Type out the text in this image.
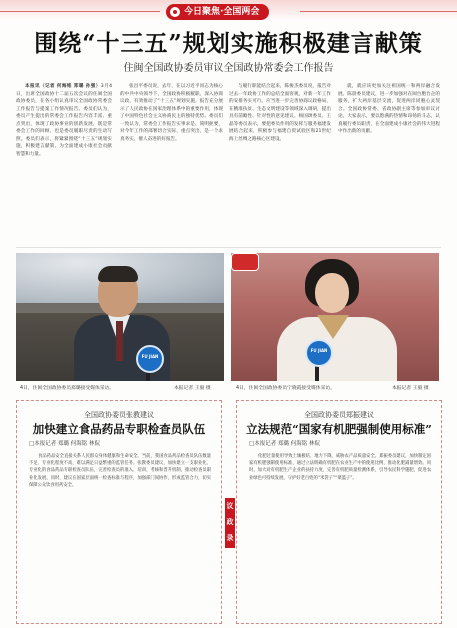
今日聚焦·全国两会
围绕“十三五”规划实施积极建言献策
住闽全国政协委员审议全国政协常委会工作报告

本报讯（记者 何海铭 郑璐 孙强）3月4日，出席全国政协十二届五次会议的住闽全国政协委员，在各小组认真审议全国政协常委会工作报告与提案工作情况报告。委员们认为，委员产生提出的常委会工作报告内容丰富、重点突出，体现了政协事业的创新发展，既是常委会工作的回顾，也是委员履职尽责的生动写照。委员们表示，将紧紧围绕“十三五”规划实施，积极建言献策，为全面建成小康社会贡献智慧和力量。

张昌平委员说，去年，在以习近平同志为核心的中共中央领导下，全国政协积极履职，深入协商议政，有效推动了“十三五”规划实施。报告充分展示了人民政协在国家治理体系中的重要作用，体现了中国特色社会主义协商民主的独特优势。委员们一致认为，常委会工作报告实事求是、简明扼要，对今年工作的部署切合实际、重点突出，是一个求真务实、催人奋进的好报告。

与履行职能结合起来，陈俊杰委员说，报告对过去一年政协工作的总结全面客观，对新一年工作的安排务实可行。应当进一步完善协商议政格局，在精准扶贫、生态文明建设等领域深入调研，提出具有前瞻性、针对性的意见建议。杨国颂委员、王晶等委员表示，要把委员作用的发挥与服务福建发展结合起来，积极参与福建自贸试验区和21世纪海上丝绸之路核心区建设。

就，就应该更加关注祖国统一和两岸融合发展。陈晨委员建议，进一步加强对在闽台胞台企的服务，扩大两岸基层交流，促进两岸同胞心灵契合。全国政协常委、省政协副主席等参加审议讨论。大家表示，要以饱满的热情和昂扬的斗志，认真履行委员职责，在全面建成小康社会的伟大进程中作出新的贡献。

FU JIAN
FU JIAN
4日，住闽全国政协委员郑璐接受媒体采访。	本报记者 王毅 摄	4日，住闽全国政协委员宁晓霞接受媒体采访。	本报记者 王毅 摄
全国政协委员张教建议
加快建立食品药品专职检查员队伍
□本报记者 郑璐 何海铭 林侃

食品药品安全直接关系人民群众身体健康和生命安全。当前，我国食品药品检查员队伍数量不足、专业化程度不高，难以满足日益繁重的监管任务。张教委员建议，加快建立一支职业化、专业化的食品药品专职检查员队伍，完善检查员的准入、培训、考核和晋升机制，推动检查员职业化发展。同时，建议在国家层面统一检查标准与程序，加强部门间协作，形成监管合力，切实保障公众饮食用药安全。

议
政
录
全国政协委员郑振建议
立法规范“国家有机肥强制使用标准”
□本报记者 郑璐 何海铭 林侃

化肥过量使用导致土壤板结、地力下降，威胁农产品质量安全。郑振委员建议，加快制定国家有机肥强制使用标准，通过立法明确有机肥在农业生产中的使用比例，推动化肥减量增效。同时，加大对有机肥生产企业的扶持力度，完善有机肥质量检测体系，引导农民科学施肥，促进农业绿色可持续发展，守护好老百姓的“米袋子”“菜篮子”。
